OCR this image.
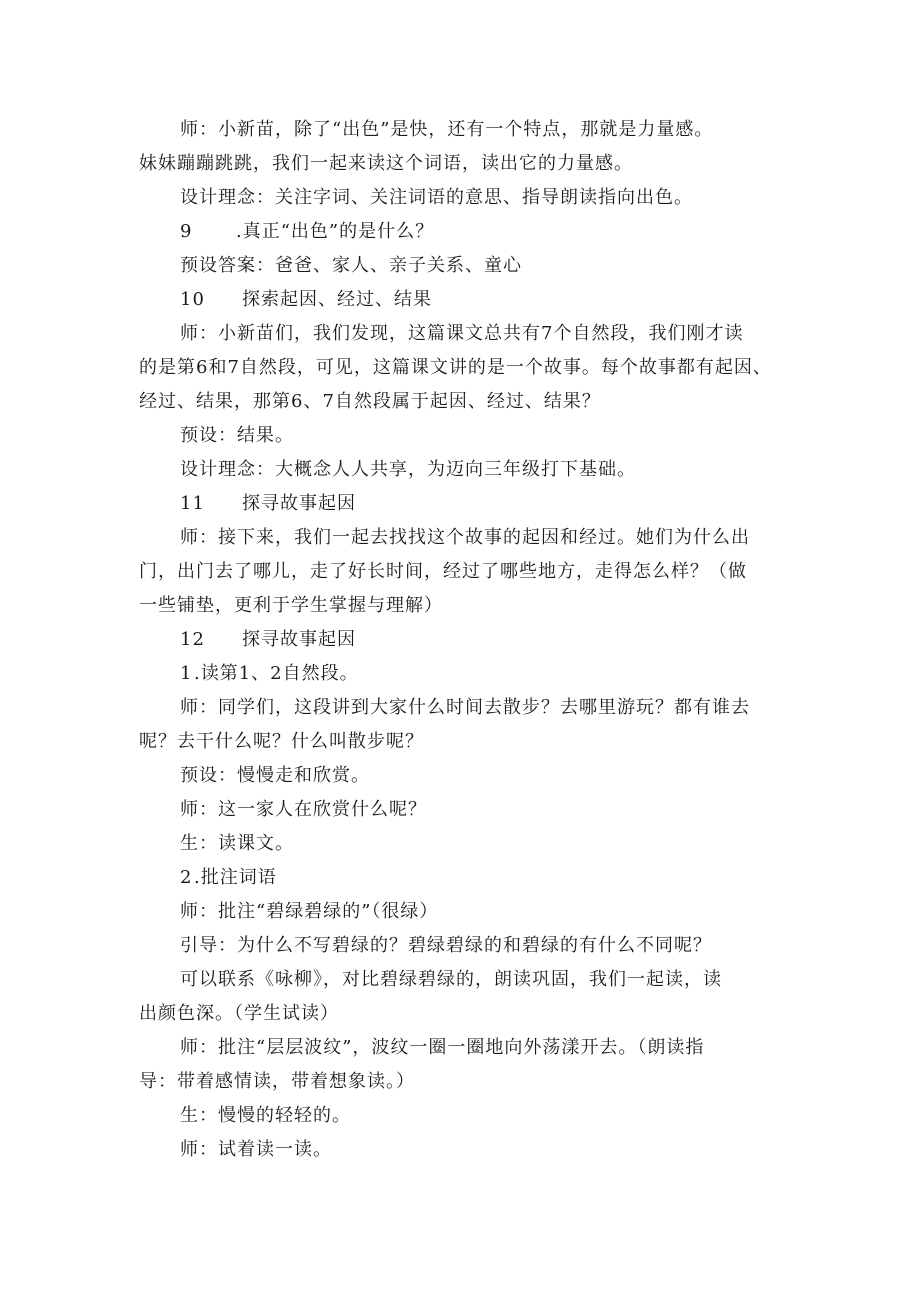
师：小新苗，除了“出色”是快，还有一个特点，那就是力量感。
妹妹蹦蹦跳跳，我们一起来读这个词语，读出它的力量感。
设计理念：关注字词、关注词语的意思、指导朗读指向出色。
9 .真正“出色”的是什么？
预设答案：爸爸、家人、亲子关系、童心
10 探索起因、经过、结果
师：小新苗们，我们发现，这篇课文总共有7个自然段，我们刚才读
的是第6和7自然段，可见，这篇课文讲的是一个故事。每个故事都有起因、
经过、结果，那第6、7自然段属于起因、经过、结果？
预设：结果。
设计理念：大概念人人共享，为迈向三年级打下基础。
11 探寻故事起因
师：接下来，我们一起去找找这个故事的起因和经过。她们为什么出
门，出门去了哪儿，走了好长时间，经过了哪些地方，走得怎么样？（做
一些铺垫，更利于学生掌握与理解）
12 探寻故事起因
1.读第1、2自然段。
师：同学们，这段讲到大家什么时间去散步？去哪里游玩？都有谁去
呢？去干什么呢？什么叫散步呢？
预设：慢慢走和欣赏。
师：这一家人在欣赏什么呢？
生：读课文。
2.批注词语
师：批注“碧绿碧绿的”（很绿）
引导：为什么不写碧绿的？碧绿碧绿的和碧绿的有什么不同呢？
可以联系《咏柳》，对比碧绿碧绿的，朗读巩固，我们一起读，读
出颜色深。（学生试读）
师：批注“层层波纹”，波纹一圈一圈地向外荡漾开去。（朗读指
导：带着感情读，带着想象读。）
生：慢慢的轻轻的。
师：试着读一读。
